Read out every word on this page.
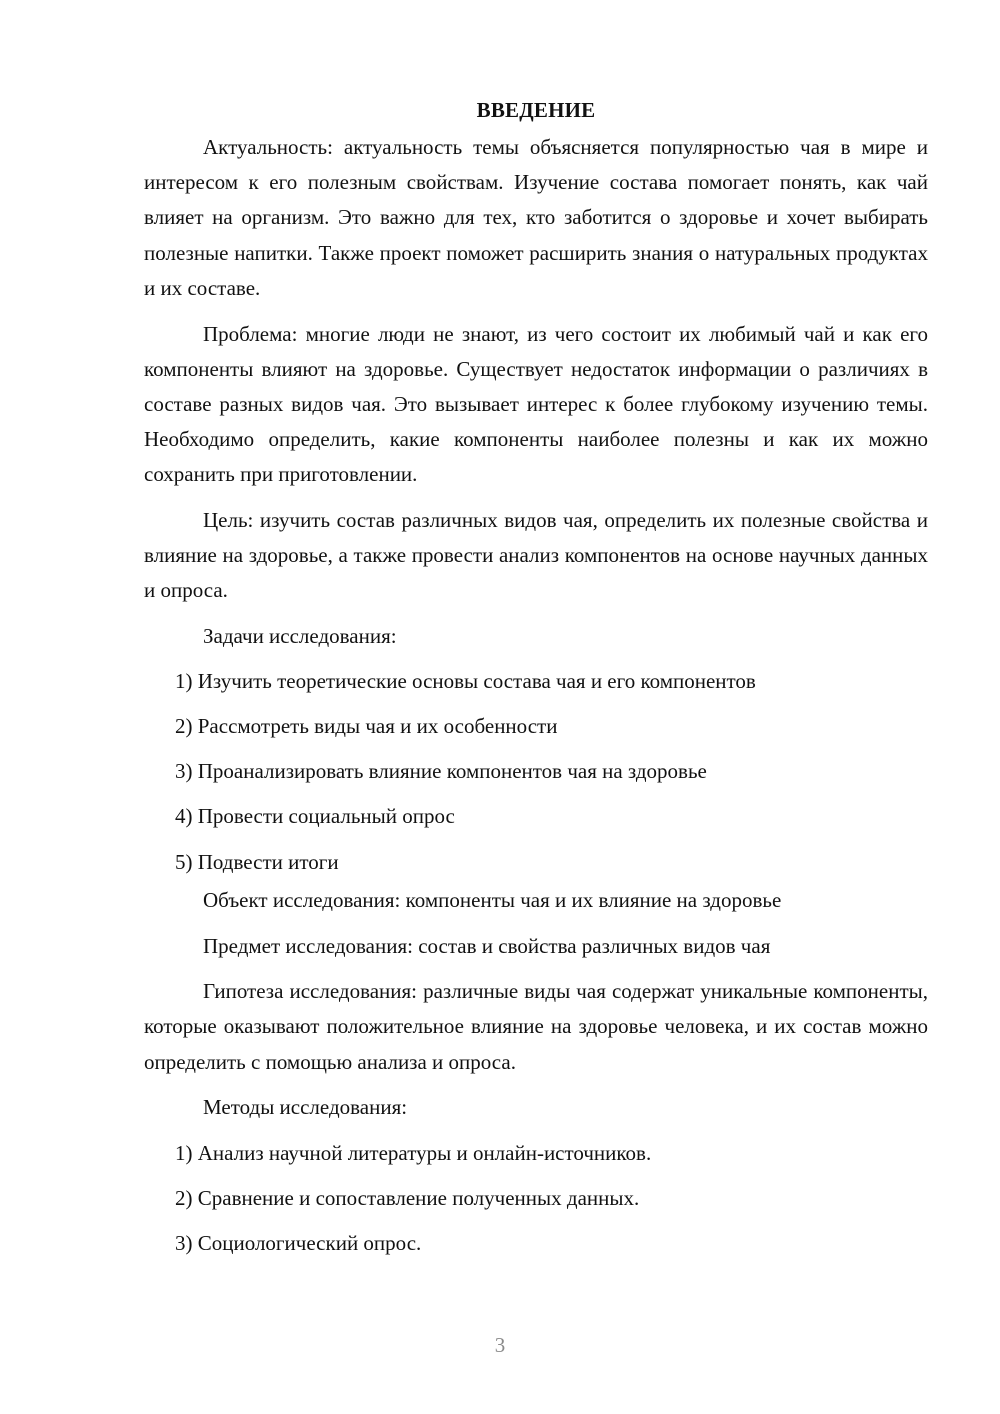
ВВЕДЕНИЕ

Актуальность: актуальность темы объясняется популярностью чая в мире и интересом к его полезным свойствам. Изучение состава помогает понять, как чай влияет на организм. Это важно для тех, кто заботится о здоровье и хочет выбирать полезные напитки. Также проект поможет расширить знания о натуральных продуктах и их составе.

Проблема: многие люди не знают, из чего состоит их любимый чай и как его компоненты влияют на здоровье. Существует недостаток информации о различиях в составе разных видов чая. Это вызывает интерес к более глубокому изучению темы. Необходимо определить, какие компоненты наиболее полезны и как их можно сохранить при приготовлении.

Цель: изучить состав различных видов чая, определить их полезные свойства и влияние на здоровье, а также провести анализ компонентов на основе научных данных и опроса.

Задачи исследования:

1) Изучить теоретические основы состава чая и его компонентов

2) Рассмотреть виды чая и их особенности

3) Проанализировать влияние компонентов чая на здоровье

4) Провести социальный опрос

5) Подвести итоги

Объект исследования: компоненты чая и их влияние на здоровье

Предмет исследования: состав и свойства различных видов чая

Гипотеза исследования: различные виды чая содержат уникальные компоненты, которые оказывают положительное влияние на здоровье человека, и их состав можно определить с помощью анализа и опроса.

Методы исследования:

1) Анализ научной литературы и онлайн-источников.

2) Сравнение и сопоставление полученных данных.

3) Социологический опрос.

3
